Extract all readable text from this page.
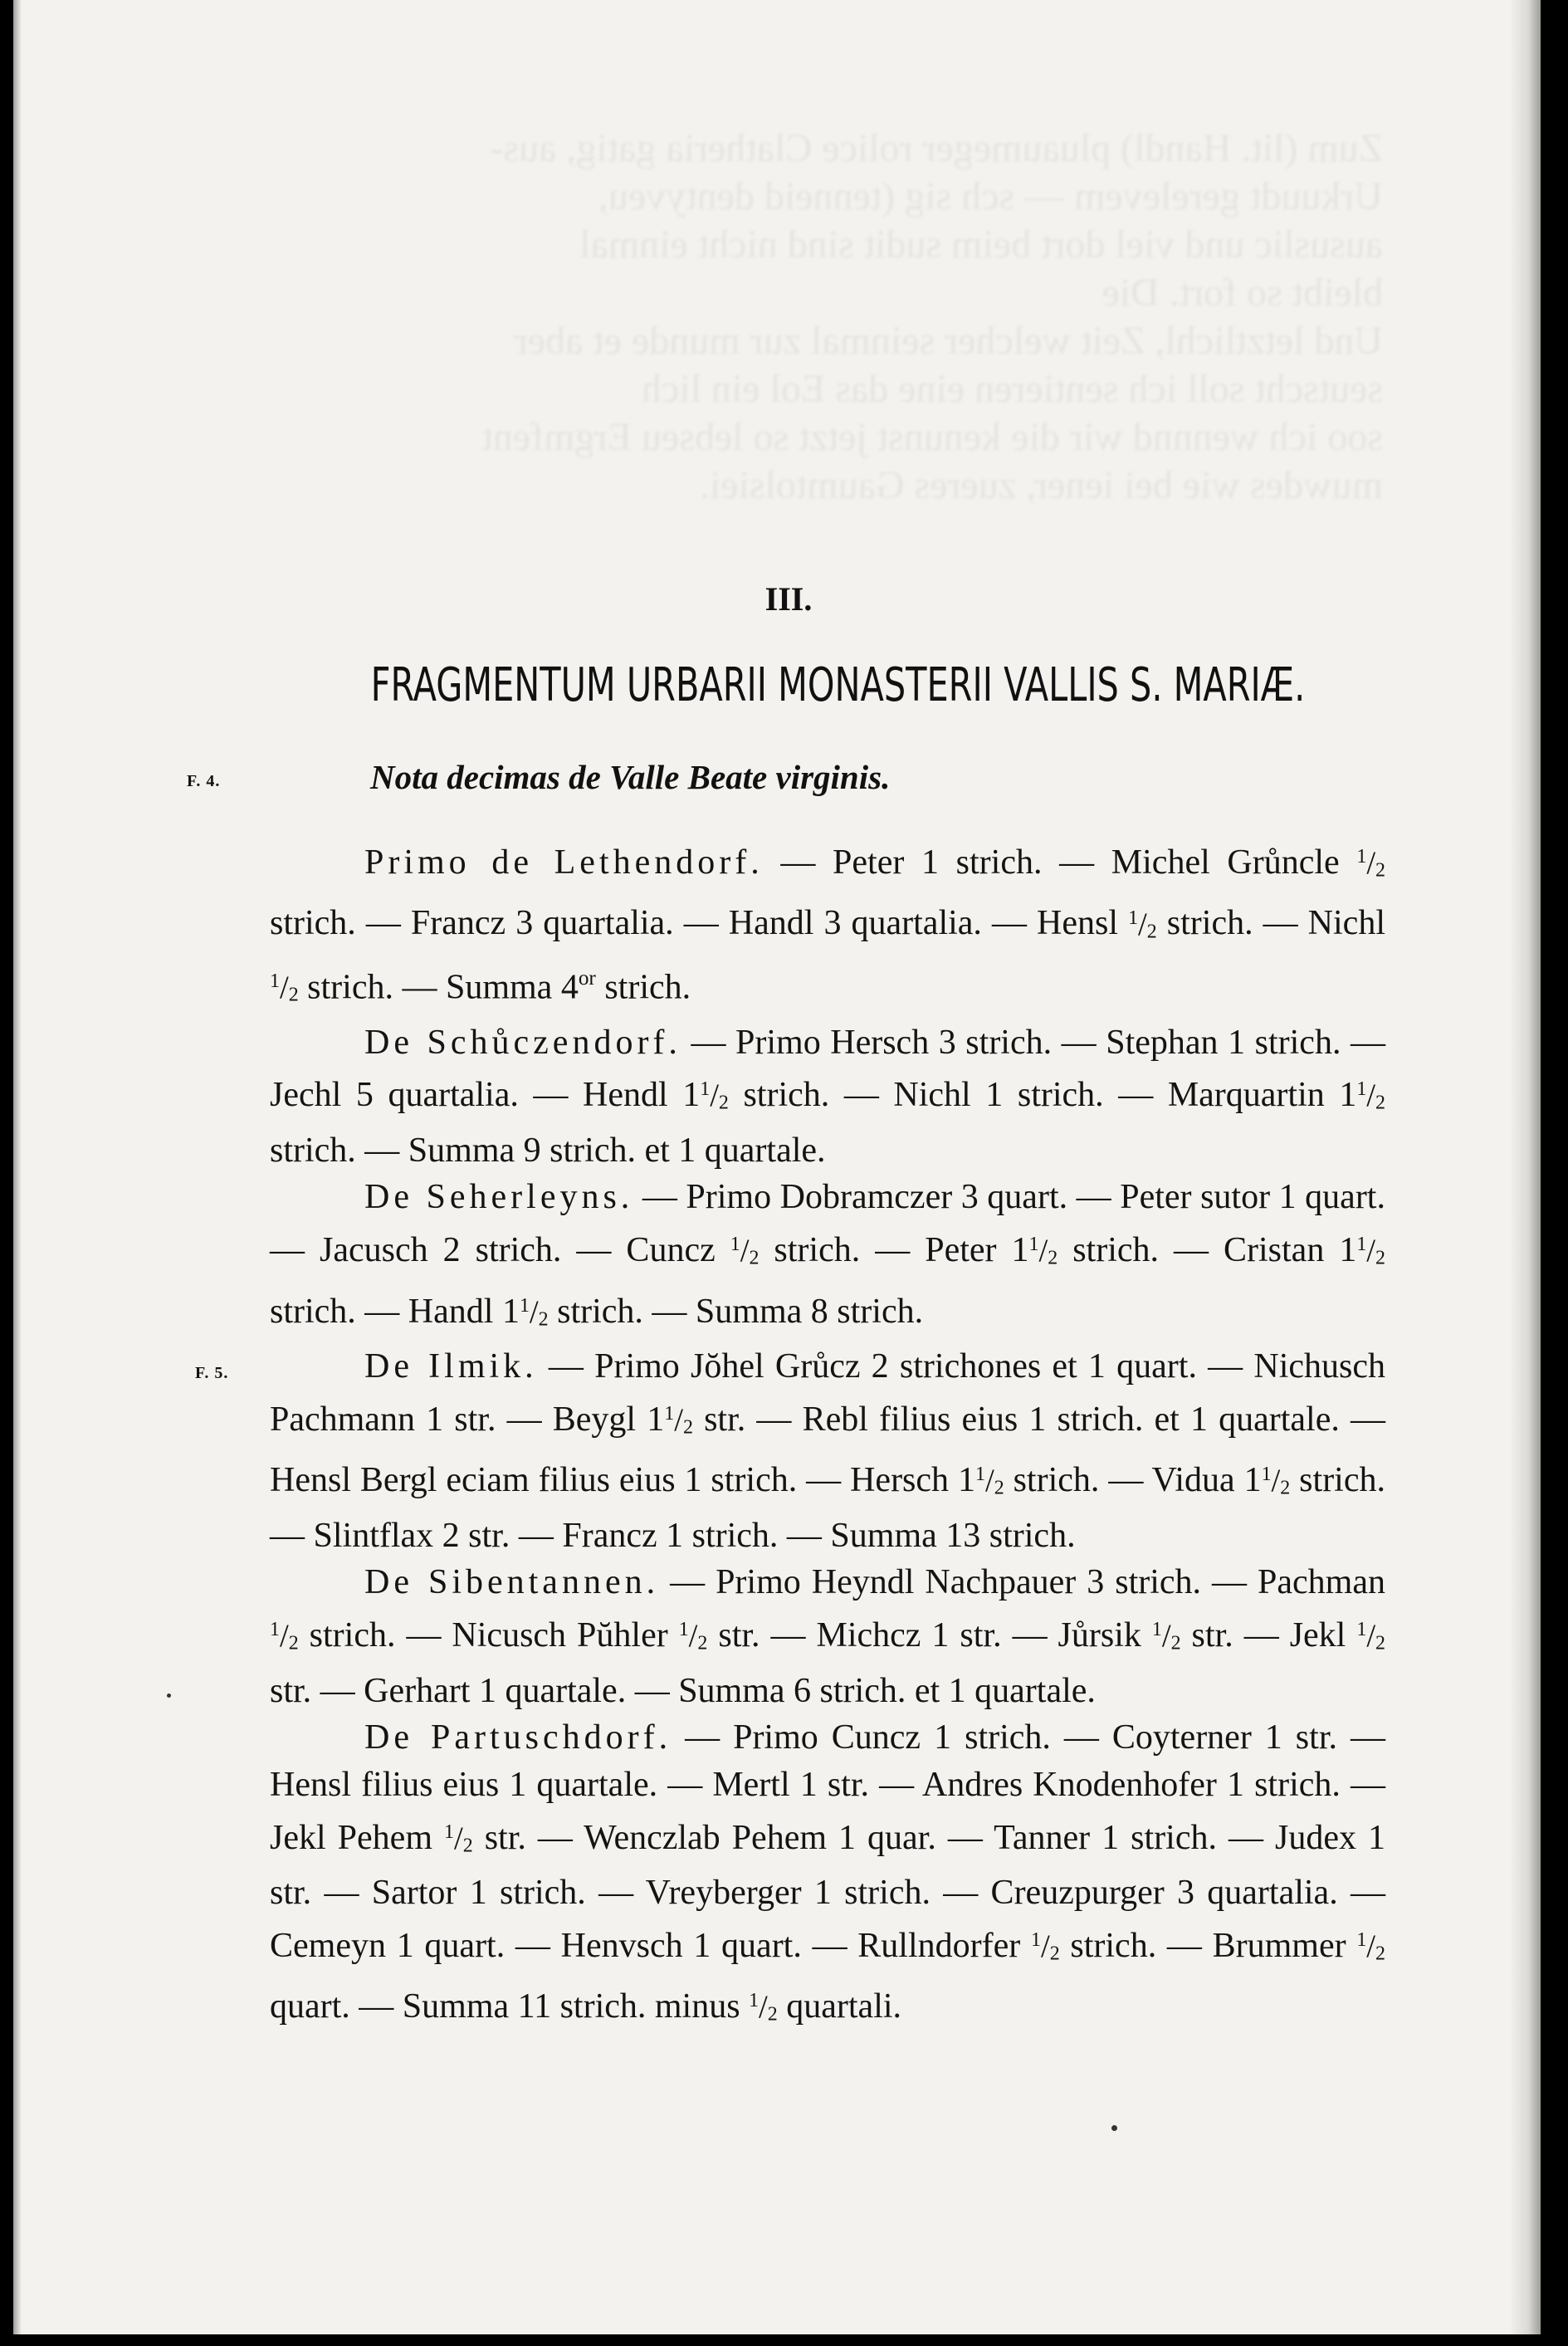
Zum (lit. Handl) pluaumeger rolice Clatheria gatig, aus-
Urkuudt gerelevem — sch sig (tenneid dentyveu,
aususlic und viel dort beim sudit sind nicht einmal
bleibt so fort. Die
Und letztlichl, Zeit welcher seinmal zur munde et aber
seutscht soll ich sentieren eine das Eol ein lich
soo ich wennnd wir die kenunst jetzt so lebseu Ergmfent
muwdes wie bei iener, zueres Gaumtolsiei.
III.
FRAGMENTUM URBARII MONASTERII VALLIS S. MARIÆ.
F. 4.	Nota decimas de Valle Beate virginis.
F. 5.

Primo de Lethendorf. — Peter 1 strich. — Michel Grůncle $^1/_2$ strich. — Francz 3 quartalia. — Handl 3 quartalia. — Hensl $^1/_2$ strich. — Nichl $^1/_2$ strich. — Summa $4^{or}$ strich.

De Schůczendorf. — Primo Hersch 3 strich. — Stephan 1 strich. — Jechl 5 quartalia. — Hendl $1^1/_2$ strich. — Nichl 1 strich. — Marquartin $1^1/_2$ strich. — Summa 9 strich. et 1 quartale.

De Seherleyns. — Primo Dobramczer 3 quart. — Peter sutor 1 quart. — Jacusch 2 strich. — Cuncz $^1/_2$ strich. — Peter $1^1/_2$ strich. — Cristan $1^1/_2$ strich. — Handl $1^1/_2$ strich. — Summa 8 strich.

De Ilmik. — Primo Jŏhel Grůcz 2 strichones et 1 quart. — Nichusch Pachmann 1 str. — Beygl $1^1/_2$ str. — Rebl filius eius 1 strich. et 1 quartale. — Hensl Bergl eciam filius eius 1 strich. — Hersch $1^1/_2$ strich. — Vidua $1^1/_2$ strich. — Slintflax 2 str. — Francz 1 strich. — Summa 13 strich.

De Sibentannen. — Primo Heyndl Nachpauer 3 strich. — Pachman $^1/_2$ strich. — Nicusch Pŭhler $^1/_2$ str. — Michcz 1 str. — Jůrsik $^1/_2$ str. — Jekl $^1/_2$ str. — Gerhart 1 quartale. — Summa 6 strich. et 1 quartale.

De Partuschdorf. — Primo Cuncz 1 strich. — Coyterner 1 str. — Hensl filius eius 1 quartale. — Mertl 1 str. — Andres Knodenhofer 1 strich. — Jekl Pehem $^1/_2$ str. — Wenczlab Pehem 1 quar. — Tanner 1 strich. — Judex 1 str. — Sartor 1 strich. — Vreyberger 1 strich. — Creuzpurger 3 quartalia. — Cemeyn 1 quart. — Henvsch 1 quart. — Rullndorfer $^1/_2$ strich. — Brummer $^1/_2$ quart. — Summa 11 strich. minus $^1/_2$ quartali.
